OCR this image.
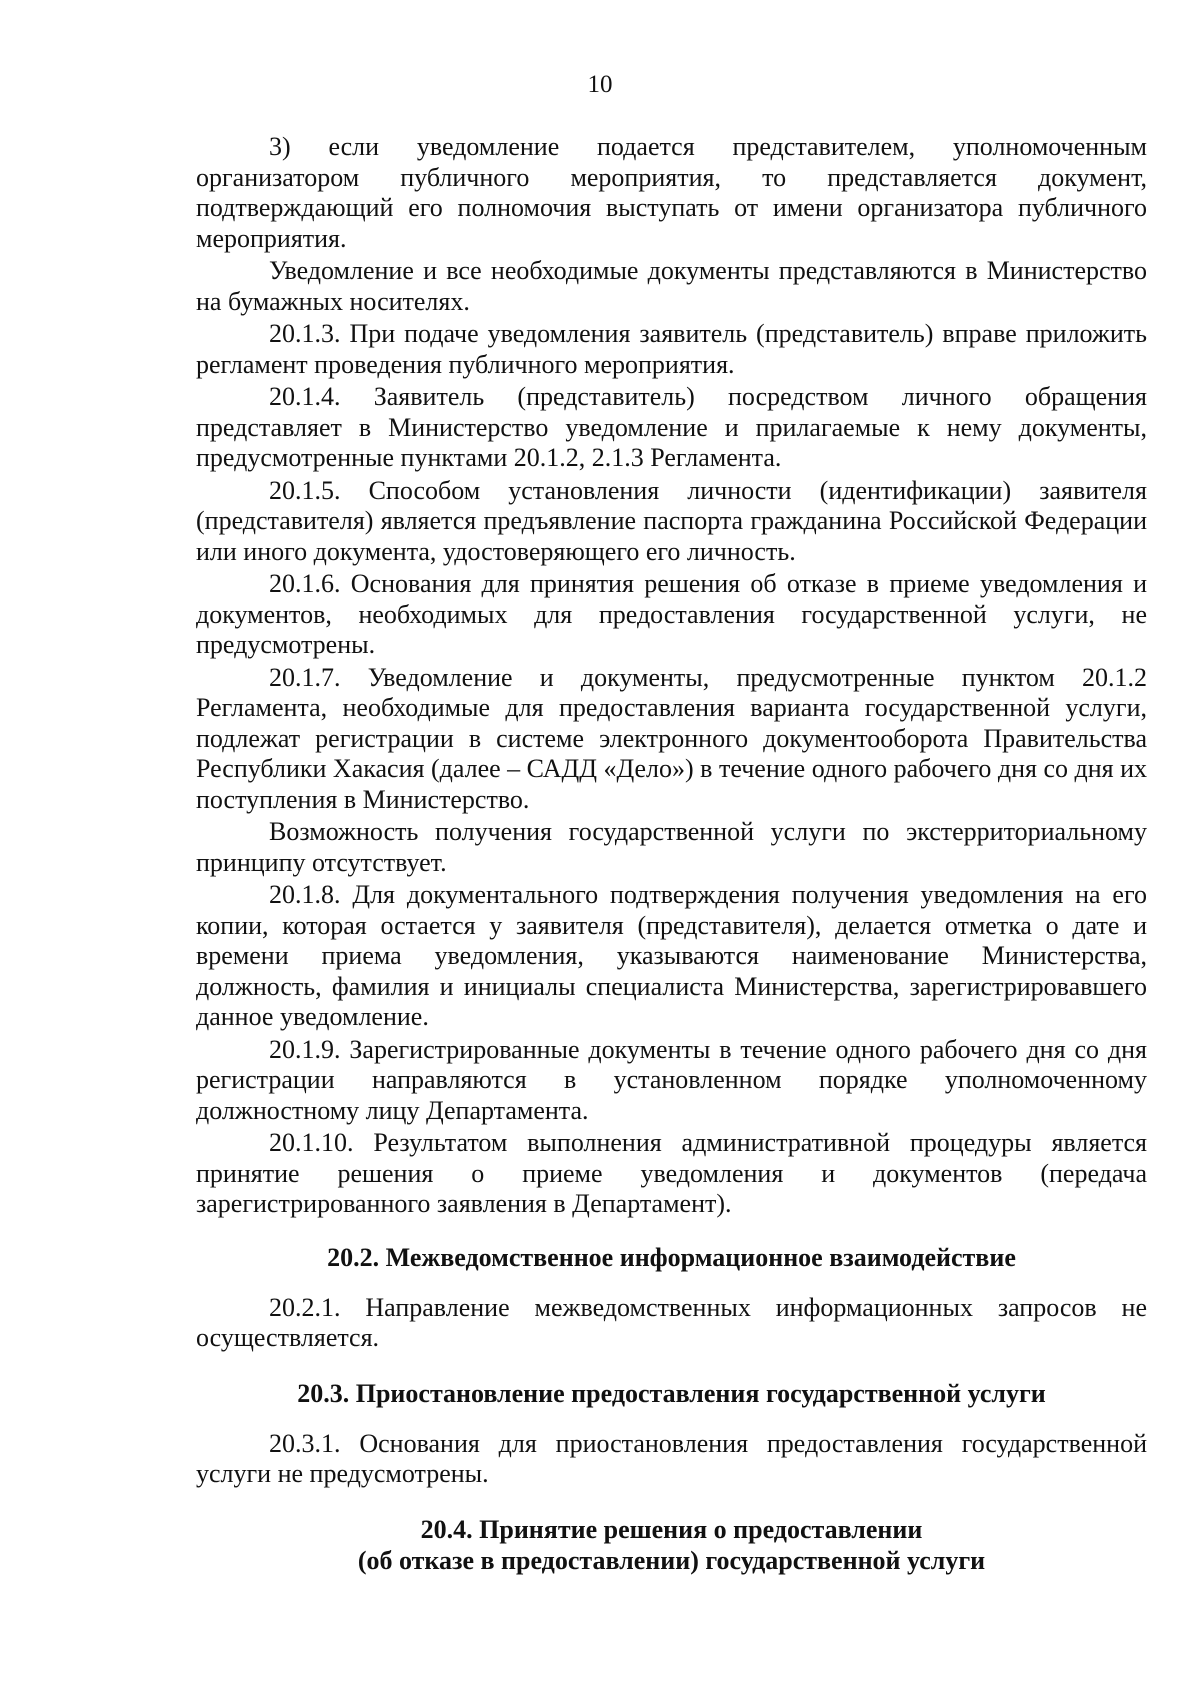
10

3) если уведомление подается представителем, уполномоченным организатором публичного мероприятия, то представляется документ, подтверждающий его полномочия выступать от имени организатора публичного мероприятия.

Уведомление и все необходимые документы представляются в Министерство на бумажных носителях.

20.1.3. При подаче уведомления заявитель (представитель) вправе приложить регламент проведения публичного мероприятия.

20.1.4. Заявитель (представитель) посредством личного обращения представляет в Министерство уведомление и прилагаемые к нему документы, предусмотренные пунктами 20.1.2, 2.1.3 Регламента.

20.1.5. Способом установления личности (идентификации) заявителя (представителя) является предъявление паспорта гражданина Российской Федерации или иного документа, удостоверяющего его личность.

20.1.6. Основания для принятия решения об отказе в приеме уведомления и документов, необходимых для предоставления государственной услуги, не предусмотрены.

20.1.7. Уведомление и документы, предусмотренные пунктом 20.1.2 Регламента, необходимые для предоставления варианта государственной услуги, подлежат регистрации в системе электронного документооборота Правительства Республики Хакасия (далее – САДД «Дело») в течение одного рабочего дня со дня их поступления в Министерство.

Возможность получения государственной услуги по экстерриториальному принципу отсутствует.

20.1.8. Для документального подтверждения получения уведомления на его копии, которая остается у заявителя (представителя), делается отметка о дате и времени приема уведомления, указываются наименование Министерства, должность, фамилия и инициалы специалиста Министерства, зарегистрировавшего данное уведомление.

20.1.9. Зарегистрированные документы в течение одного рабочего дня со дня регистрации направляются в установленном порядке уполномоченному должностному лицу Департамента.

20.1.10. Результатом выполнения административной процедуры является принятие решения о приеме уведомления и документов (передача зарегистрированного заявления в Департамент).

20.2. Межведомственное информационное взаимодействие

20.2.1. Направление межведомственных информационных запросов не осуществляется.

20.3. Приостановление предоставления государственной услуги

20.3.1. Основания для приостановления предоставления государственной услуги не предусмотрены.

20.4. Принятие решения о предоставлении
(об отказе в предоставлении) государственной услуги
